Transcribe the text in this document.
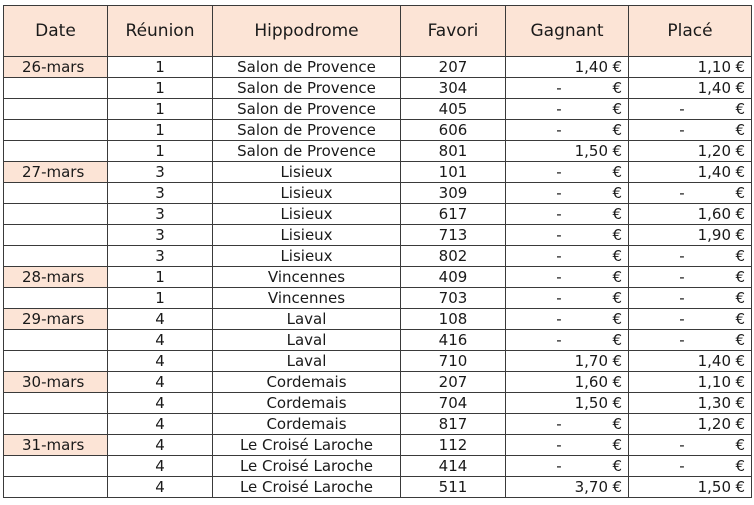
Date	Réunion	Hippodrome	Favori	Gagnant	Placé
26-mars	1	Salon de Provence	207	1,40 €	1,10 €

	1	Salon de Provence	304	- €	1,40 €

	1	Salon de Provence	405	- €	- €

	1	Salon de Provence	606	- €	- €

	1	Salon de Provence	801	1,50 €	1,20 €

27-mars	3	Lisieux	101	- €	1,40 €

	3	Lisieux	309	- €	- €

	3	Lisieux	617	- €	1,60 €

	3	Lisieux	713	- €	1,90 €

	3	Lisieux	802	- €	- €

28-mars	1	Vincennes	409	- €	- €

	1	Vincennes	703	- €	- €

29-mars	4	Laval	108	- €	- €

	4	Laval	416	- €	- €

	4	Laval	710	1,70 €	1,40 €

30-mars	4	Cordemais	207	1,60 €	1,10 €

	4	Cordemais	704	1,50 €	1,30 €

	4	Cordemais	817	- €	1,20 €

31-mars	4	Le Croisé Laroche	112	- €	- €

	4	Le Croisé Laroche	414	- €	- €

	4	Le Croisé Laroche	511	3,70 €	1,50 €
